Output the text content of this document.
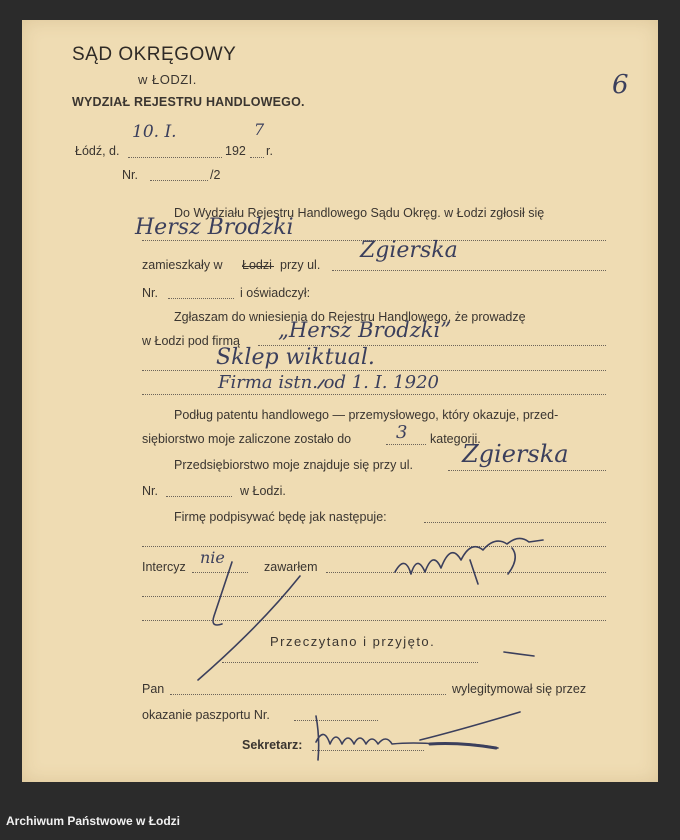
SĄD OKRĘGOWY
w ŁODZI.
WYDZIAŁ REJESTRU HANDLOWEGO.
Łódź, d.	192 r.
10. I.	7
Nr.	/2
6
Do Wydziału Rejestru Handlowego Sądu Okręg. w Łodzi zgłosił się
Hersz Brodzki
zamieszkały w Łodzi przy ul.
Zgierska
Nr.	i oświadczył:
Zgłaszam do wniesienia do Rejestru Handlowego, że prowadzę
w Łodzi pod firmą „Hersz Brodzki”
Sklep wiktual.
Firma istn. od 1. I. 1920
Podług patentu handlowego — przemysłowego, który okazuje, przed-
siębiorstwo moje zaliczone zostało do 3 kategorji.
Przedsiębiorstwo moje znajduje się przy ul. Zgierska
Nr.	w Łodzi.
Firmę podpisywać będę jak następuje:
Intercyz nie	zawarłem
Przeczytano i przyjęto.
Pan	wylegitymował się przez
okazanie paszportu Nr.
Sekretarz:
Archiwum Państwowe w Łodzi
